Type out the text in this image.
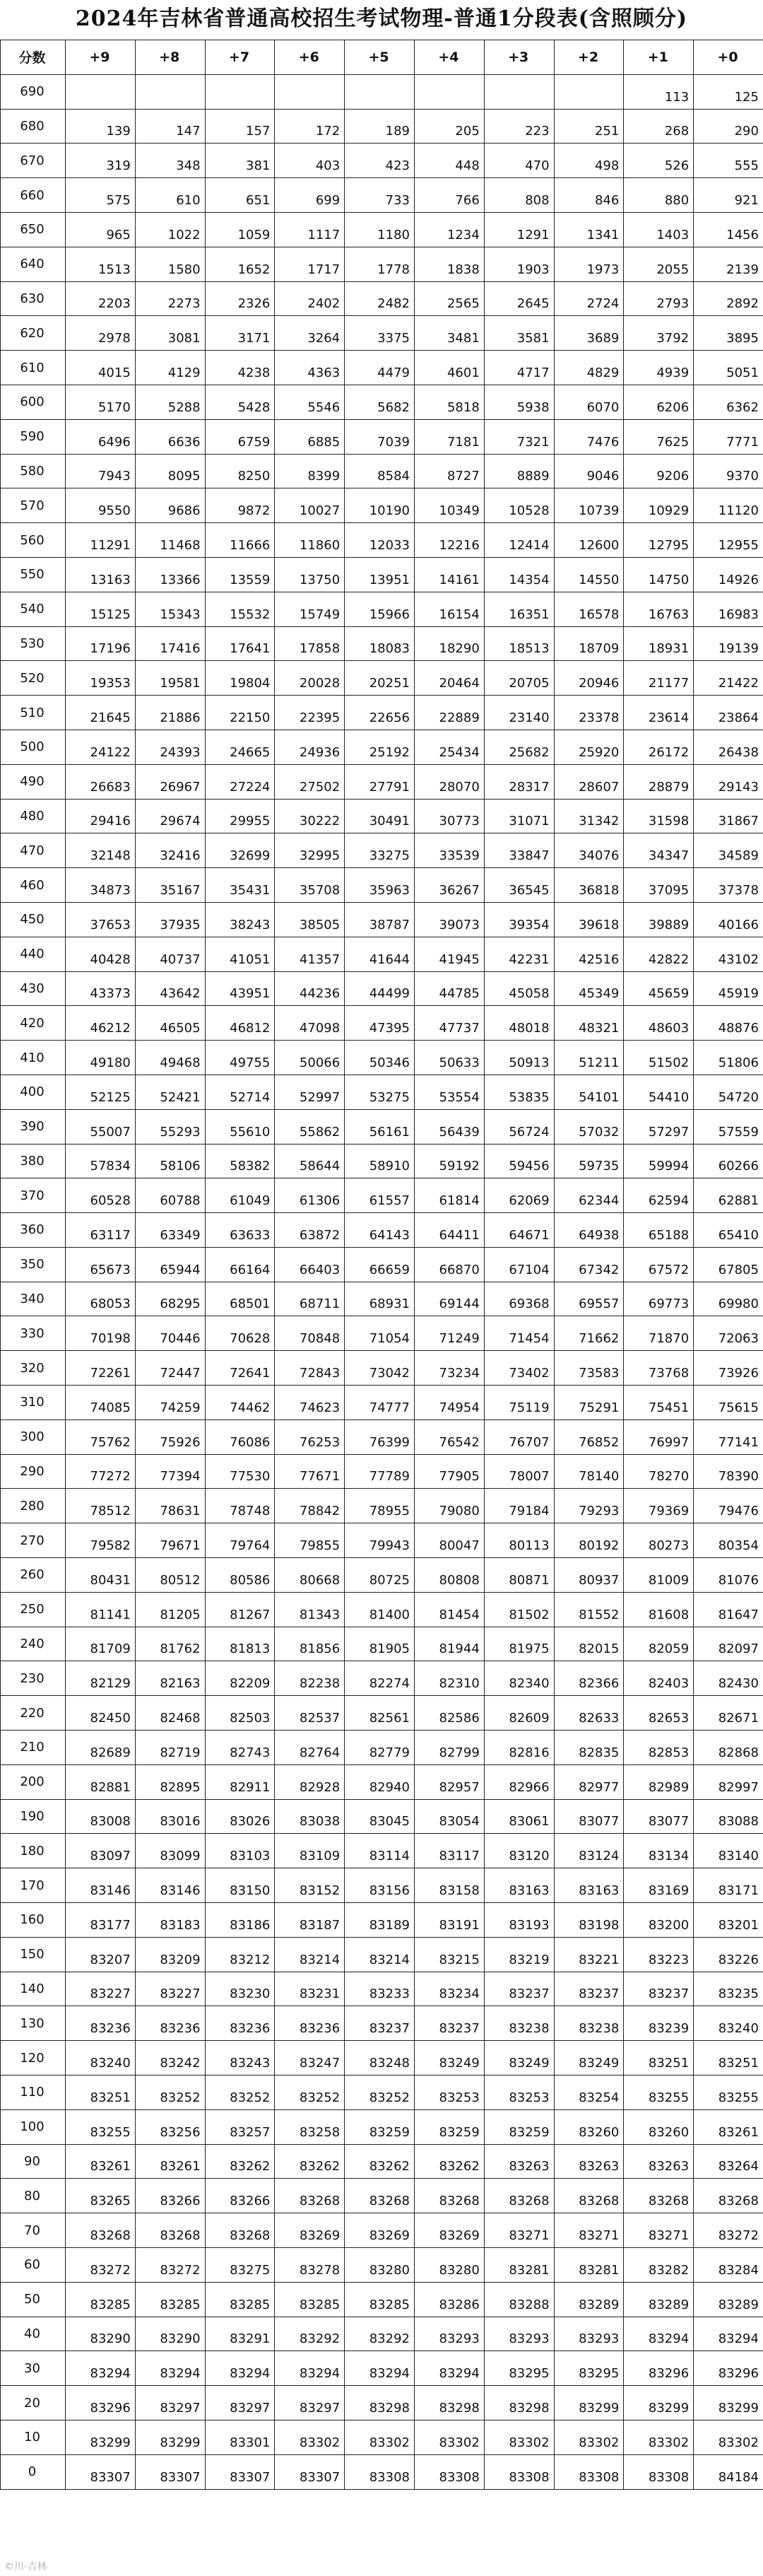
2024年吉林省普通高校招生考试物理-普通1分段表(含照顾分)
分数	+9	+8	+7	+6	+5	+4	+3	+2	+1	+0
690									113	125
680	139	147	157	172	189	205	223	251	268	290
670	319	348	381	403	423	448	470	498	526	555
660	575	610	651	699	733	766	808	846	880	921
650	965	1022	1059	1117	1180	1234	1291	1341	1403	1456
640	1513	1580	1652	1717	1778	1838	1903	1973	2055	2139
630	2203	2273	2326	2402	2482	2565	2645	2724	2793	2892
620	2978	3081	3171	3264	3375	3481	3581	3689	3792	3895
610	4015	4129	4238	4363	4479	4601	4717	4829	4939	5051
600	5170	5288	5428	5546	5682	5818	5938	6070	6206	6362
590	6496	6636	6759	6885	7039	7181	7321	7476	7625	7771
580	7943	8095	8250	8399	8584	8727	8889	9046	9206	9370
570	9550	9686	9872	10027	10190	10349	10528	10739	10929	11120
560	11291	11468	11666	11860	12033	12216	12414	12600	12795	12955
550	13163	13366	13559	13750	13951	14161	14354	14550	14750	14926
540	15125	15343	15532	15749	15966	16154	16351	16578	16763	16983
530	17196	17416	17641	17858	18083	18290	18513	18709	18931	19139
520	19353	19581	19804	20028	20251	20464	20705	20946	21177	21422
510	21645	21886	22150	22395	22656	22889	23140	23378	23614	23864
500	24122	24393	24665	24936	25192	25434	25682	25920	26172	26438
490	26683	26967	27224	27502	27791	28070	28317	28607	28879	29143
480	29416	29674	29955	30222	30491	30773	31071	31342	31598	31867
470	32148	32416	32699	32995	33275	33539	33847	34076	34347	34589
460	34873	35167	35431	35708	35963	36267	36545	36818	37095	37378
450	37653	37935	38243	38505	38787	39073	39354	39618	39889	40166
440	40428	40737	41051	41357	41644	41945	42231	42516	42822	43102
430	43373	43642	43951	44236	44499	44785	45058	45349	45659	45919
420	46212	46505	46812	47098	47395	47737	48018	48321	48603	48876
410	49180	49468	49755	50066	50346	50633	50913	51211	51502	51806
400	52125	52421	52714	52997	53275	53554	53835	54101	54410	54720
390	55007	55293	55610	55862	56161	56439	56724	57032	57297	57559
380	57834	58106	58382	58644	58910	59192	59456	59735	59994	60266
370	60528	60788	61049	61306	61557	61814	62069	62344	62594	62881
360	63117	63349	63633	63872	64143	64411	64671	64938	65188	65410
350	65673	65944	66164	66403	66659	66870	67104	67342	67572	67805
340	68053	68295	68501	68711	68931	69144	69368	69557	69773	69980
330	70198	70446	70628	70848	71054	71249	71454	71662	71870	72063
320	72261	72447	72641	72843	73042	73234	73402	73583	73768	73926
310	74085	74259	74462	74623	74777	74954	75119	75291	75451	75615
300	75762	75926	76086	76253	76399	76542	76707	76852	76997	77141
290	77272	77394	77530	77671	77789	77905	78007	78140	78270	78390
280	78512	78631	78748	78842	78955	79080	79184	79293	79369	79476
270	79582	79671	79764	79855	79943	80047	80113	80192	80273	80354
260	80431	80512	80586	80668	80725	80808	80871	80937	81009	81076
250	81141	81205	81267	81343	81400	81454	81502	81552	81608	81647
240	81709	81762	81813	81856	81905	81944	81975	82015	82059	82097
230	82129	82163	82209	82238	82274	82310	82340	82366	82403	82430
220	82450	82468	82503	82537	82561	82586	82609	82633	82653	82671
210	82689	82719	82743	82764	82779	82799	82816	82835	82853	82868
200	82881	82895	82911	82928	82940	82957	82966	82977	82989	82997
190	83008	83016	83026	83038	83045	83054	83061	83077	83077	83088
180	83097	83099	83103	83109	83114	83117	83120	83124	83134	83140
170	83146	83146	83150	83152	83156	83158	83163	83163	83169	83171
160	83177	83183	83186	83187	83189	83191	83193	83198	83200	83201
150	83207	83209	83212	83214	83214	83215	83219	83221	83223	83226
140	83227	83227	83230	83231	83233	83234	83237	83237	83237	83235
130	83236	83236	83236	83236	83237	83237	83238	83238	83239	83240
120	83240	83242	83243	83247	83248	83249	83249	83249	83251	83251
110	83251	83252	83252	83252	83252	83253	83253	83254	83255	83255
100	83255	83256	83257	83258	83259	83259	83259	83260	83260	83261
90	83261	83261	83262	83262	83262	83262	83263	83263	83263	83264
80	83265	83266	83266	83268	83268	83268	83268	83268	83268	83268
70	83268	83268	83268	83269	83269	83269	83271	83271	83271	83272
60	83272	83272	83275	83278	83280	83280	83281	83281	83282	83284
50	83285	83285	83285	83285	83285	83286	83288	83289	83289	83289
40	83290	83290	83291	83292	83292	83293	83293	83293	83294	83294
30	83294	83294	83294	83294	83294	83294	83295	83295	83296	83296
20	83296	83297	83297	83297	83298	83298	83298	83299	83299	83299
10	83299	83299	83301	83302	83302	83302	83302	83302	83302	83302
0	83307	83307	83307	83307	83308	83308	83308	83308	83308	84184
©川·吉林
